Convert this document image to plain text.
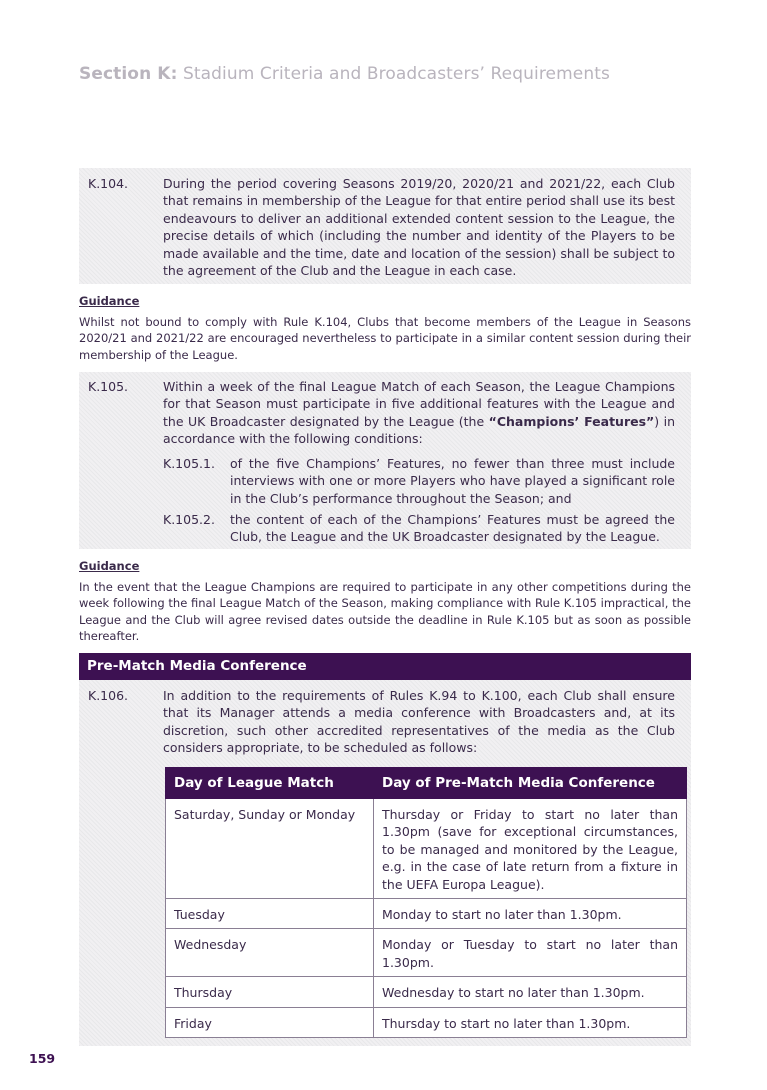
Section K: Stadium Criteria and Broadcasters’ Requirements
K.104.	During the period covering Seasons 2019/20, 2020/21 and 2021/22, each Club that remains in membership of the League for that entire period shall use its best endeavours to deliver an additional extended content session to the League, the precise details of which (including the number and identity of the Players to be made available and the time, date and location of the session) shall be subject to the agreement of the Club and the League in each case.

Guidance

Whilst not bound to comply with Rule K.104, Clubs that become members of the League in Seasons 2020/21 and 2021/22 are encouraged nevertheless to participate in a similar content session during their membership of the League.

K.105.	Within a week of the final League Match of each Season, the League Champions for that Season must participate in five additional features with the League and the UK Broadcaster designated by the League (the “Champions’ Features”) in accordance with the following conditions:

K.105.1. of the five Champions’ Features, no fewer than three must include interviews with one or more Players who have played a significant role in the Club’s performance throughout the Season; and

K.105.2. the content of each of the Champions’ Features must be agreed the Club, the League and the UK Broadcaster designated by the League.

Guidance

In the event that the League Champions are required to participate in any other competitions during the week following the final League Match of the Season, making compliance with Rule K.105 impractical, the League and the Club will agree revised dates outside the deadline in Rule K.105 but as soon as possible thereafter.

Pre-Match Media Conference
K.106.	In addition to the requirements of Rules K.94 to K.100, each Club shall ensure that its Manager attends a media conference with Broadcasters and, at its discretion, such other accredited representatives of the media as the Club considers appropriate, to be scheduled as follows:

Day of League Match	Day of Pre-Match Media Conference
Saturday, Sunday or Monday	Thursday or Friday to start no later than 1.30pm (save for exceptional circumstances, to be managed and monitored by the League, e.g. in the case of late return from a fixture in the UEFA Europa League).
Tuesday	Monday to start no later than 1.30pm.
Wednesday	Monday or Tuesday to start no later than 1.30pm.
Thursday	Wednesday to start no later than 1.30pm.
Friday	Thursday to start no later than 1.30pm.
159
